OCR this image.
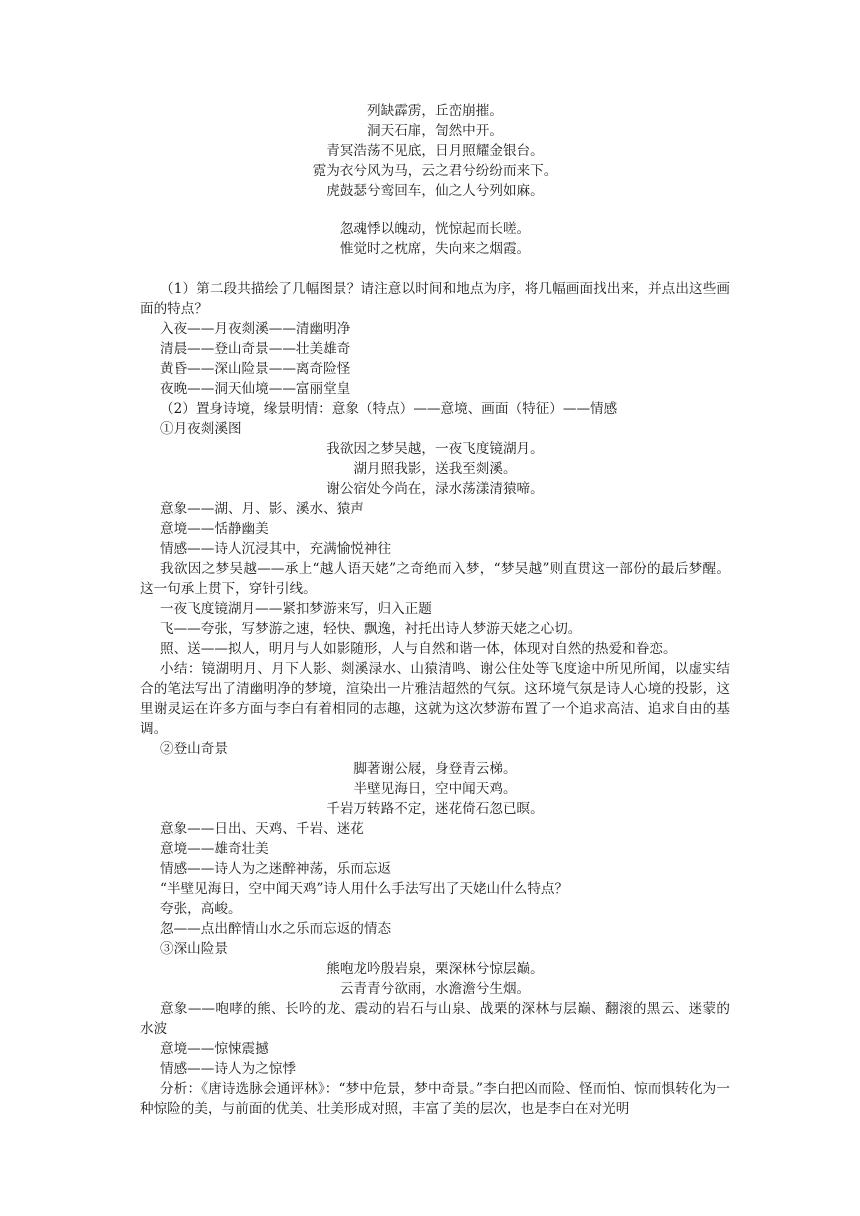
列缺霹雳，丘峦崩摧。
洞天石扉，訇然中开。
青冥浩荡不见底，日月照耀金银台。
霓为衣兮风为马，云之君兮纷纷而来下。
虎鼓瑟兮鸾回车，仙之人兮列如麻。
忽魂悸以魄动，恍惊起而长嗟。
惟觉时之枕席，失向来之烟霞。
（1）第二段共描绘了几幅图景？请注意以时间和地点为序，将几幅画面找出来，并点出这些画面的特点？
入夜——月夜剡溪——清幽明净
清晨——登山奇景——壮美雄奇
黄昏——深山险景——离奇险怪
夜晚——洞天仙境——富丽堂皇
（2）置身诗境，缘景明情：意象（特点）——意境、画面（特征）——情感
①月夜剡溪图
我欲因之梦吴越，一夜飞度镜湖月。
湖月照我影，送我至剡溪。
谢公宿处今尚在，渌水荡漾清猿啼。
意象——湖、月、影、溪水、猿声
意境——恬静幽美
情感——诗人沉浸其中，充满愉悦神往
我欲因之梦吴越——承上“越人语天姥”之奇绝而入梦，“梦吴越”则直贯这一部份的最后梦醒。这一句承上贯下，穿针引线。
一夜飞度镜湖月——紧扣梦游来写，归入正题
飞——夸张，写梦游之速，轻快、飘逸，衬托出诗人梦游天姥之心切。
照、送——拟人，明月与人如影随形，人与自然和谐一体，体现对自然的热爱和眷恋。
小结：镜湖明月、月下人影、剡溪渌水、山猿清鸣、谢公住处等飞度途中所见所闻，以虚实结合的笔法写出了清幽明净的梦境，渲染出一片雅洁超然的气氛。这环境气氛是诗人心境的投影，这里谢灵运在许多方面与李白有着相同的志趣，这就为这次梦游布置了一个追求高洁、追求自由的基调。
②登山奇景
脚著谢公屐，身登青云梯。
半壁见海日，空中闻天鸡。
千岩万转路不定，迷花倚石忽已暝。
意象——日出、天鸡、千岩、迷花
意境——雄奇壮美
情感——诗人为之迷醉神荡，乐而忘返
“半壁见海日，空中闻天鸡”诗人用什么手法写出了天姥山什么特点？
夸张，高峻。
忽——点出醉情山水之乐而忘返的情态
③深山险景
熊咆龙吟殷岩泉，栗深林兮惊层巅。
云青青兮欲雨，水澹澹兮生烟。
意象——咆哮的熊、长吟的龙、震动的岩石与山泉、战栗的深林与层巅、翻滚的黑云、迷蒙的水波
意境——惊悚震撼
情感——诗人为之惊悸
分析：《唐诗选脉会通评林》：“梦中危景，梦中奇景。”李白把凶而险、怪而怕、惊而惧转化为一种惊险的美，与前面的优美、壮美形成对照，丰富了美的层次，也是李白在对光明
